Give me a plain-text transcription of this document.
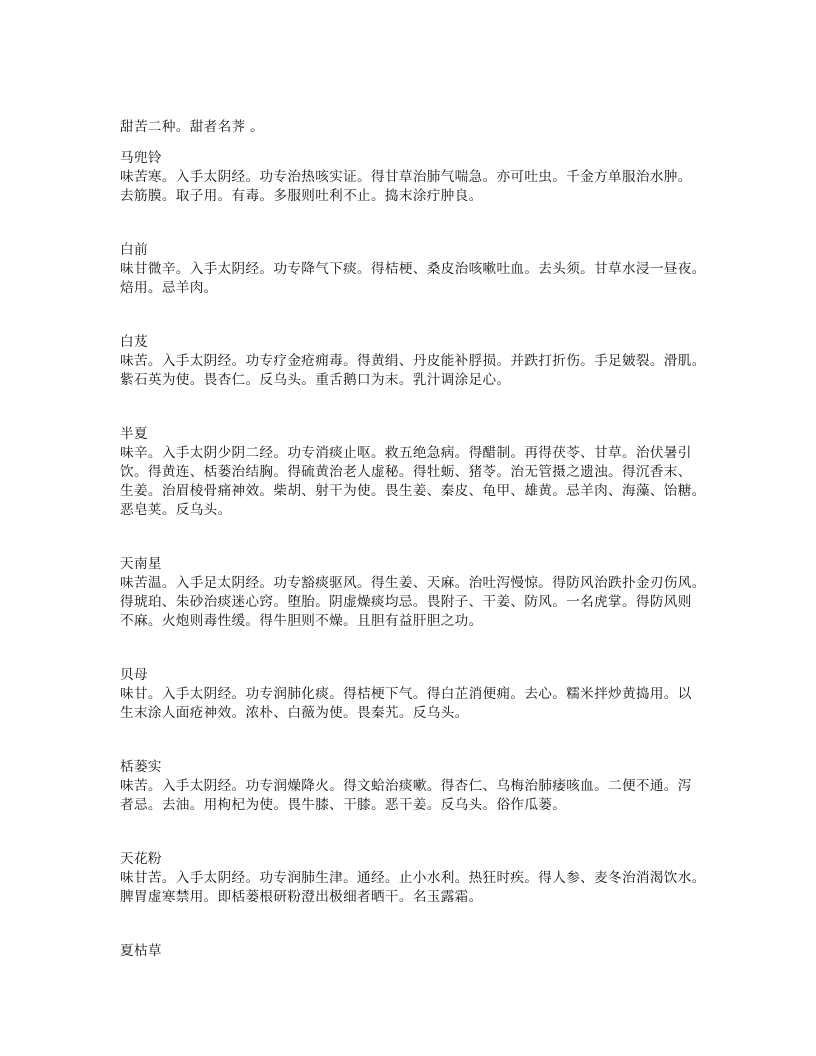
甜苦二种。甜者名荠 。
马兜铃
味苦寒。入手太阴经。功专治热咳实证。得甘草治肺气喘急。亦可吐虫。千金方单服治水肿。
去筋膜。取子用。有毒。多服则吐利不止。捣末涂疔肿良。
白前
味甘微辛。入手太阴经。功专降气下痰。得桔梗、桑皮治咳嗽吐血。去头须。甘草水浸一昼夜。
焙用。忌羊肉。
白芨
味苦。入手太阴经。功专疗金疮痈毒。得黄绢、丹皮能补脬损。并跌打折伤。手足皴裂。滑肌。
紫石英为使。畏杏仁。反乌头。重舌鹅口为末。乳汁调涂足心。
半夏
味辛。入手太阴少阴二经。功专消痰止呕。救五绝急病。得醋制。再得茯苓、甘草。治伏暑引
饮。得黄连、栝蒌治结胸。得硫黄治老人虚秘。得牡蛎、猪苓。治无管摄之遗浊。得沉香末、
生姜。治眉棱骨痛神效。柴胡、射干为使。畏生姜、秦皮、龟甲、雄黄。忌羊肉、海藻、饴糖。
恶皂荚。反乌头。
天南星
味苦温。入手足太阴经。功专豁痰驱风。得生姜、天麻。治吐泻慢惊。得防风治跌扑金刃伤风。
得琥珀、朱砂治痰迷心窍。堕胎。阴虚燥痰均忌。畏附子、干姜、防风。一名虎掌。得防风则
不麻。火炮则毒性缓。得牛胆则不燥。且胆有益肝胆之功。
贝母
味甘。入手太阴经。功专润肺化痰。得桔梗下气。得白芷消便痈。去心。糯米拌炒黄捣用。以
生末涂人面疮神效。浓朴、白薇为使。畏秦艽。反乌头。
栝蒌实
味苦。入手太阴经。功专润燥降火。得文蛤治痰嗽。得杏仁、乌梅治肺痿咳血。二便不通。泻
者忌。去油。用枸杞为使。畏牛膝、干膝。恶干姜。反乌头。俗作瓜蒌。
天花粉
味甘苦。入手太阴经。功专润肺生津。通经。止小水利。热狂时疾。得人参、麦冬治消渴饮水。
脾胃虚寒禁用。即栝蒌根研粉澄出极细者晒干。名玉露霜。
夏枯草
